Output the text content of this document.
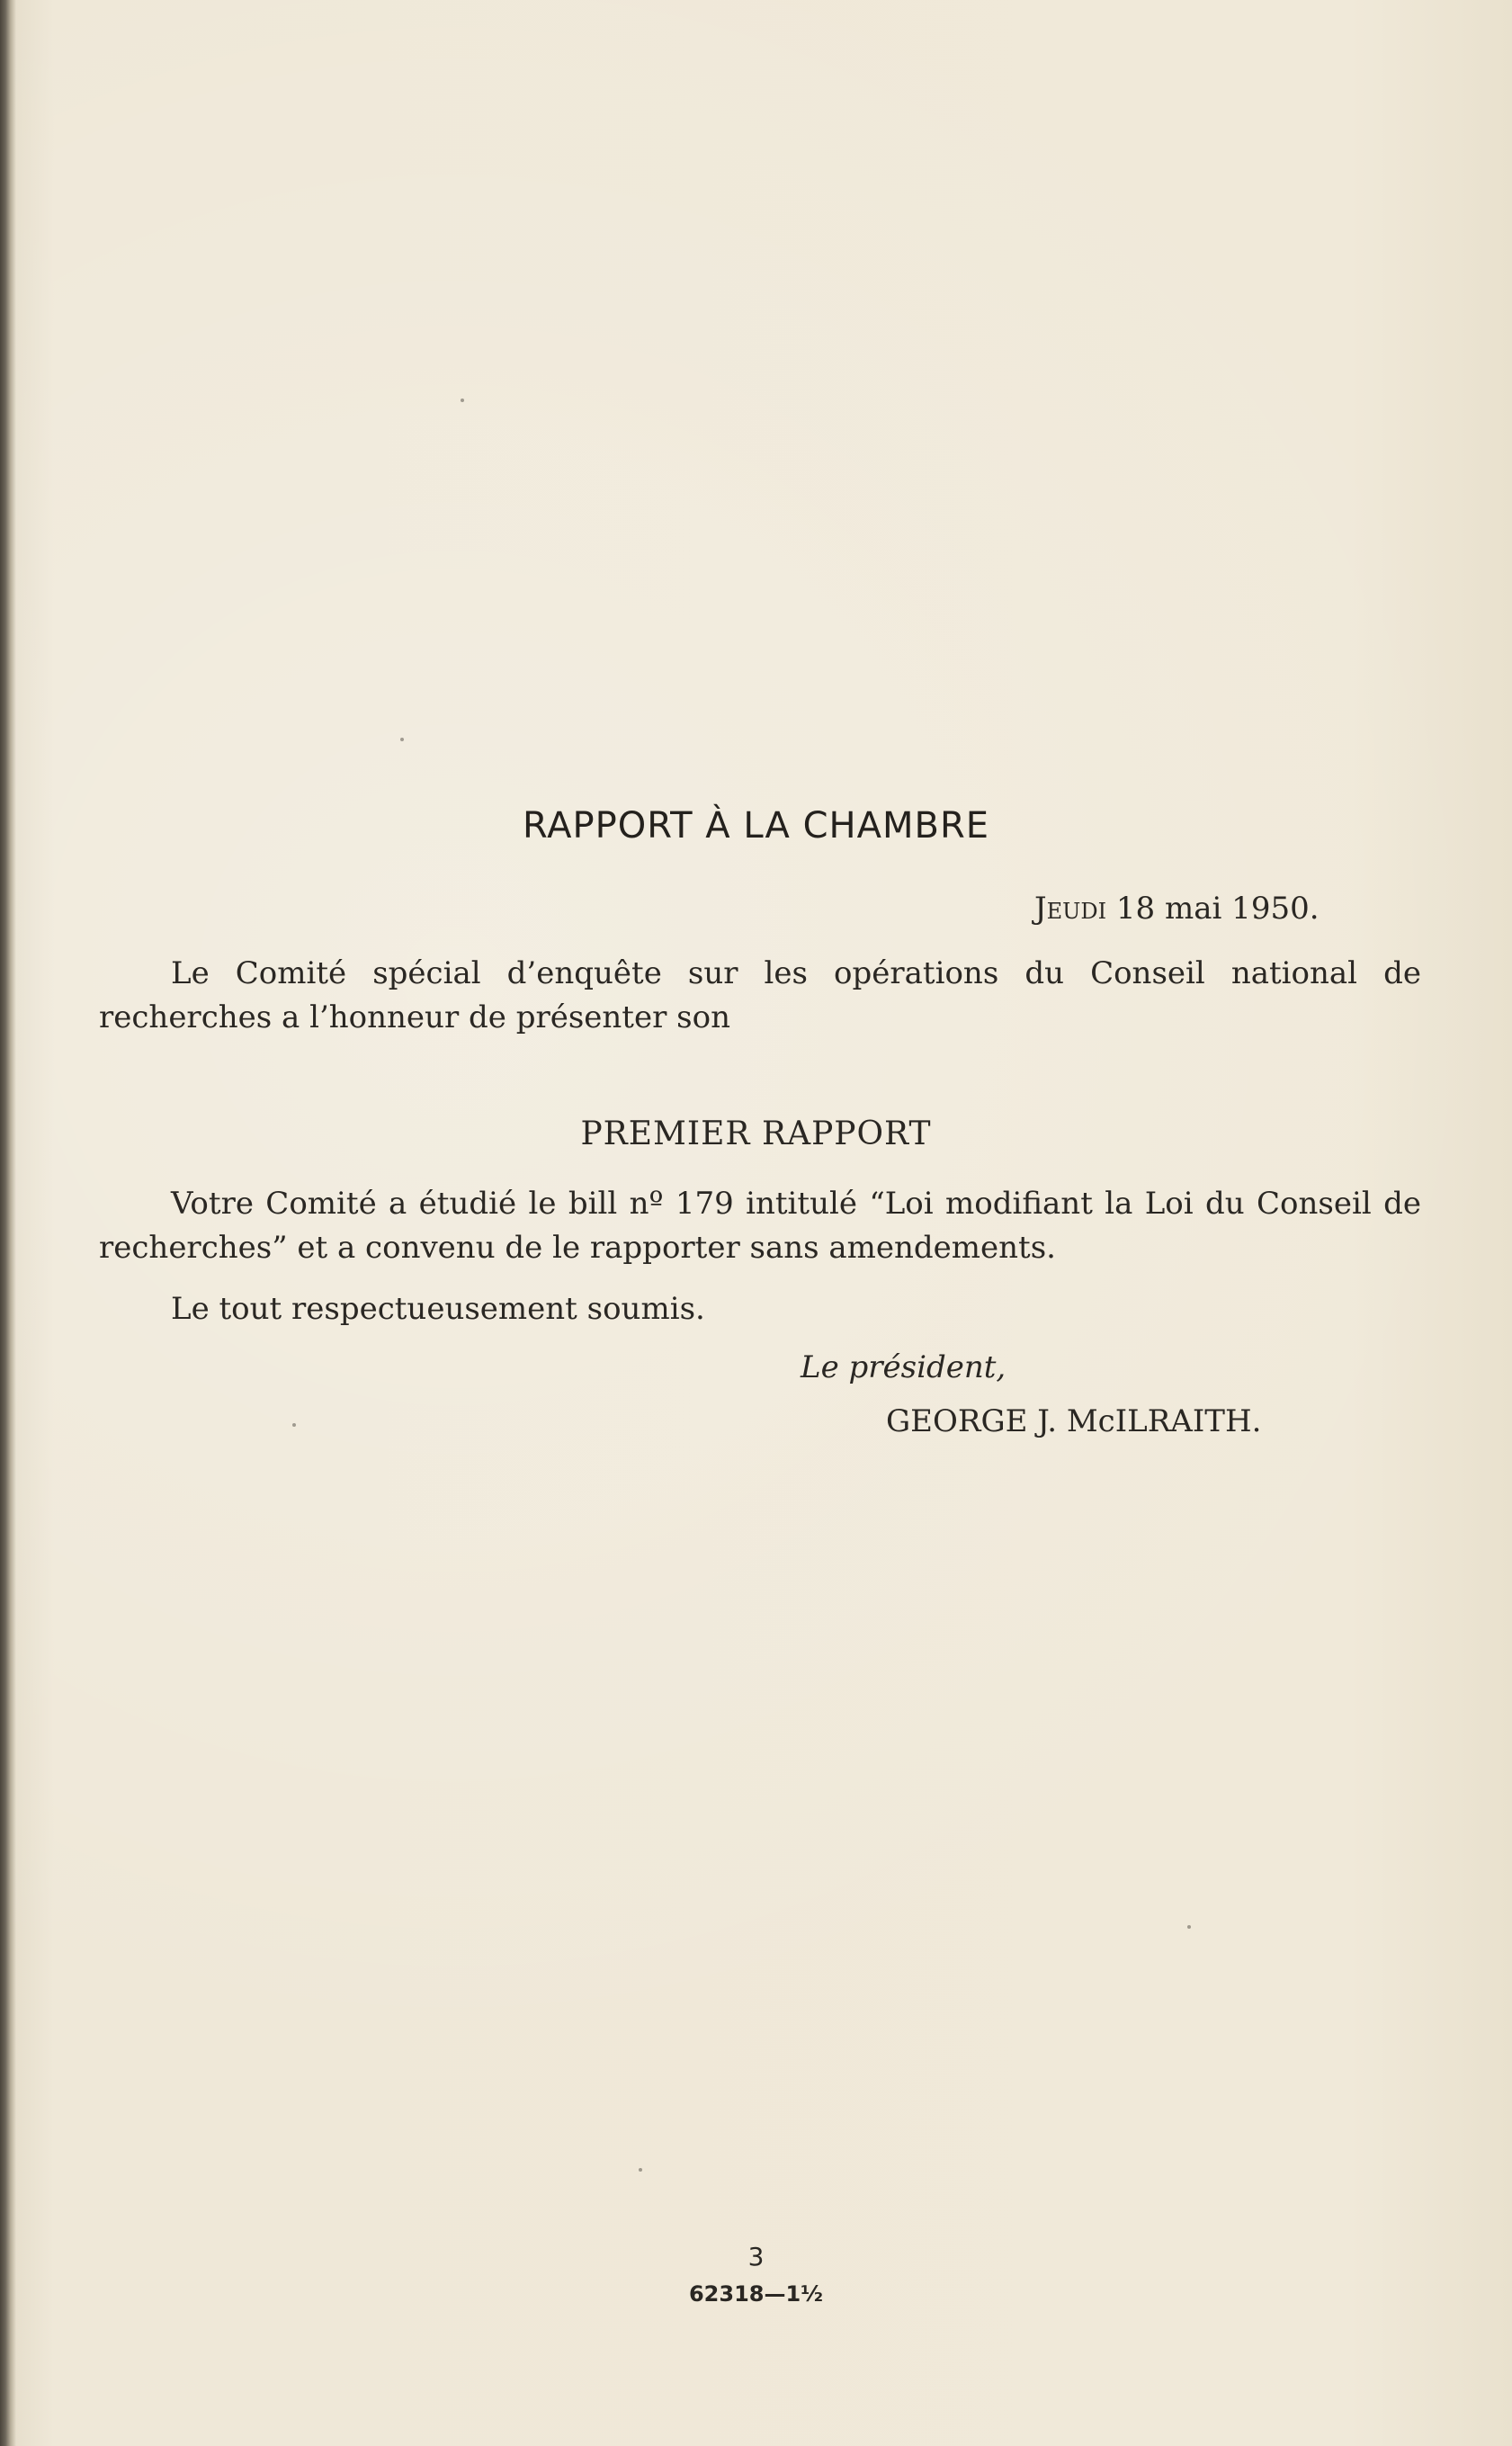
RAPPORT À LA CHAMBRE
Jeudi 18 mai 1950.

Le Comité spécial d’enquête sur les opérations du Conseil national de recherches a l’honneur de présenter son

PREMIER RAPPORT

Votre Comité a étudié le bill nº 179 intitulé “Loi modifiant la Loi du Conseil de recherches” et a convenu de le rapporter sans amendements.

Le tout respectueusement soumis.
Le président,
GEORGE J. McILRAITH.
3
62318—1½
